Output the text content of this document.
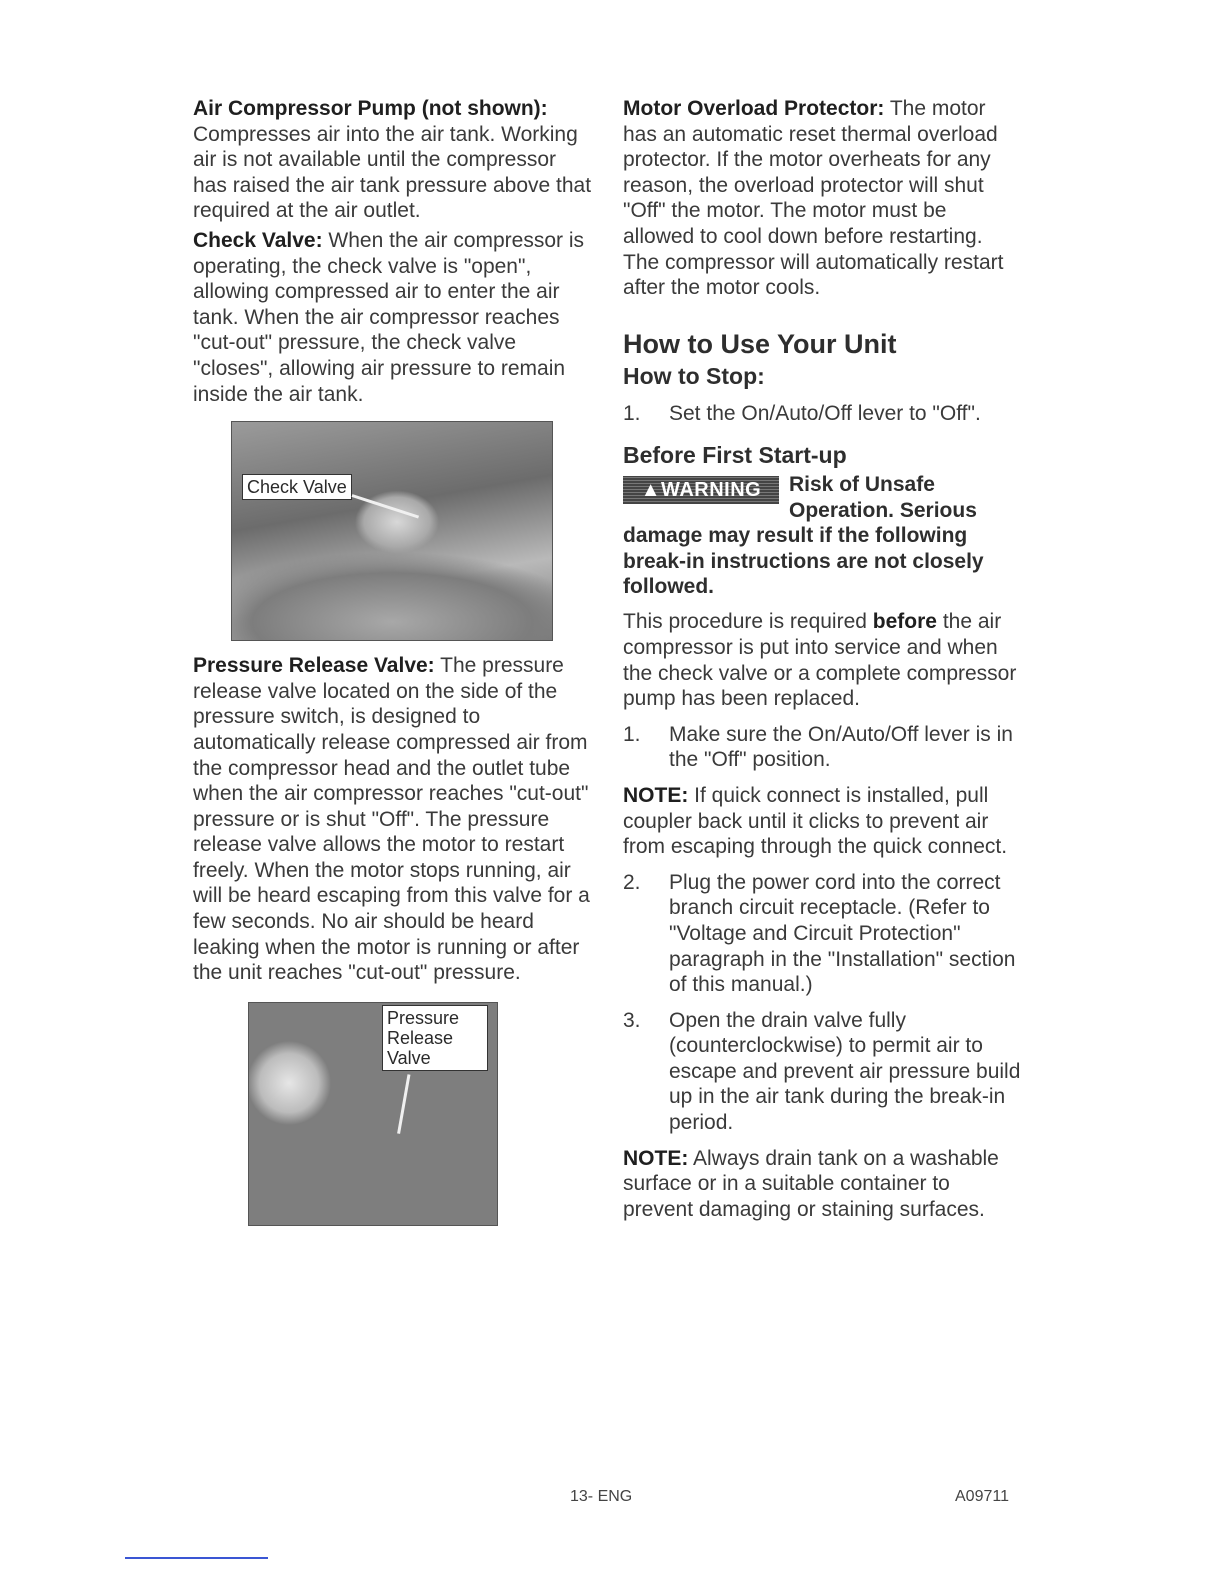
Air Compressor Pump (not shown): Compresses air into the air tank. Working air is not available until the compressor has raised the air tank pressure above that required at the air outlet.

Check Valve: When the air compressor is operating, the check valve is "open", allowing compressed air to enter the air tank. When the air compressor reaches "cut-out" pressure, the check valve "closes", allowing air pressure to remain inside the air tank.

Check Valve

Pressure Release Valve: The pressure release valve located on the side of the pressure switch, is designed to automatically release compressed air from the compressor head and the outlet tube when the air compressor reaches "cut-out" pressure or is shut "Off". The pressure release valve allows the motor to restart freely. When the motor stops running, air will be heard escaping from this valve for a few seconds. No air should be heard leaking when the motor is running or after the unit reaches "cut-out" pressure.

Pressure Release Valve

Motor Overload Protector: The motor has an automatic reset thermal overload protector. If the motor overheats for any reason, the overload protector will shut "Off" the motor. The motor must be allowed to cool down before restarting. The compressor will automatically restart after the motor cools.

How to Use Your Unit
How to Stop:

1. Set the On/Auto/Off lever to "Off".

Before First Start-up
▲WARNING	Risk of Unsafe Operation. Serious damage may result if the following break-in instructions are not closely followed.

This procedure is required before the air compressor is put into service and when the check valve or a complete compressor pump has been replaced.

1. Make sure the On/Auto/Off lever is in the "Off" position.

NOTE: If quick connect is installed, pull coupler back until it clicks to prevent air from escaping through the quick connect.

2. Plug the power cord into the correct branch circuit receptacle. (Refer to "Voltage and Circuit Protection" paragraph in the "Installation" section of this manual.)

3. Open the drain valve fully (counterclockwise) to permit air to escape and prevent air pressure build up in the air tank during the break-in period.

NOTE: Always drain tank on a washable surface or in a suitable container to prevent damaging or staining surfaces.

13- ENG	A09711
